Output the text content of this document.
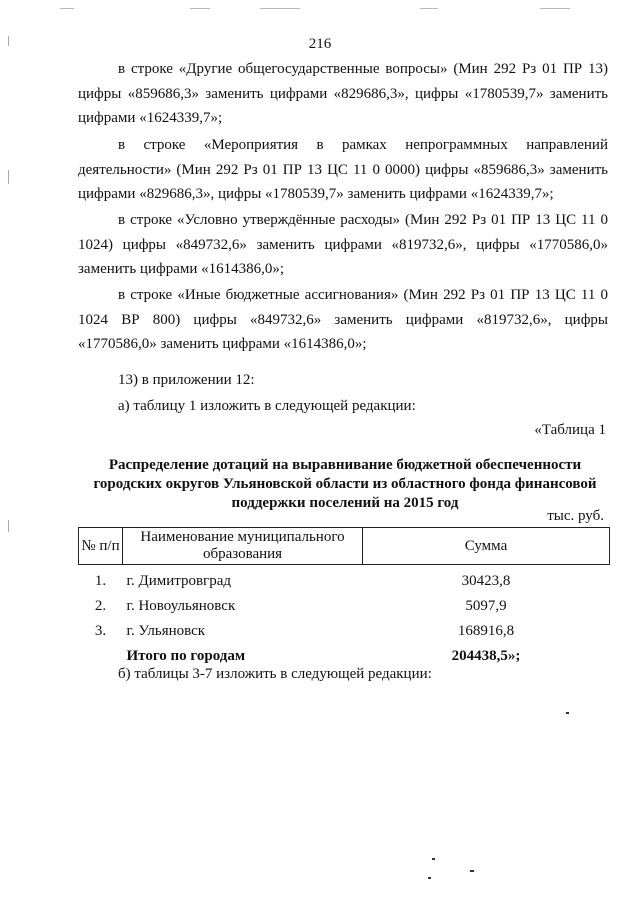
216

в строке «Другие общегосударственные вопросы» (Мин 292 Рз 01 ПР 13) цифры «859686,3» заменить цифрами «829686,3», цифры «1780539,7» заменить цифрами «1624339,7»;

в строке «Мероприятия в рамках непрограммных направлений деятельности» (Мин 292 Рз 01 ПР 13 ЦС 11 0 0000) цифры «859686,3» заменить цифрами «829686,3», цифры «1780539,7» заменить цифрами «1624339,7»;

в строке «Условно утверждённые расходы» (Мин 292 Рз 01 ПР 13 ЦС 11 0 1024) цифры «849732,6» заменить цифрами «819732,6», цифры «1770586,0» заменить цифрами «1614386,0»;

в строке «Иные бюджетные ассигнования» (Мин 292 Рз 01 ПР 13 ЦС 11 0 1024 ВР 800) цифры «849732,6» заменить цифрами «819732,6», цифры «1770586,0» заменить цифрами «1614386,0»;

13) в приложении 12:

а) таблицу 1 изложить в следующей редакции:

«Таблица 1

Распределение дотаций на выравнивание бюджетной обеспеченности городских округов Ульяновской области из областного фонда финансовой поддержки поселений на 2015 год

тыс. руб.
№ п/п	Наименование муниципального образования	Сумма
1.	г. Димитровград	30423,8
2.	г. Новоульяновск	5097,9
3.	г. Ульяновск	168916,8
	Итого по городам	204438,5»;

б) таблицы 3-7 изложить в следующей редакции:
